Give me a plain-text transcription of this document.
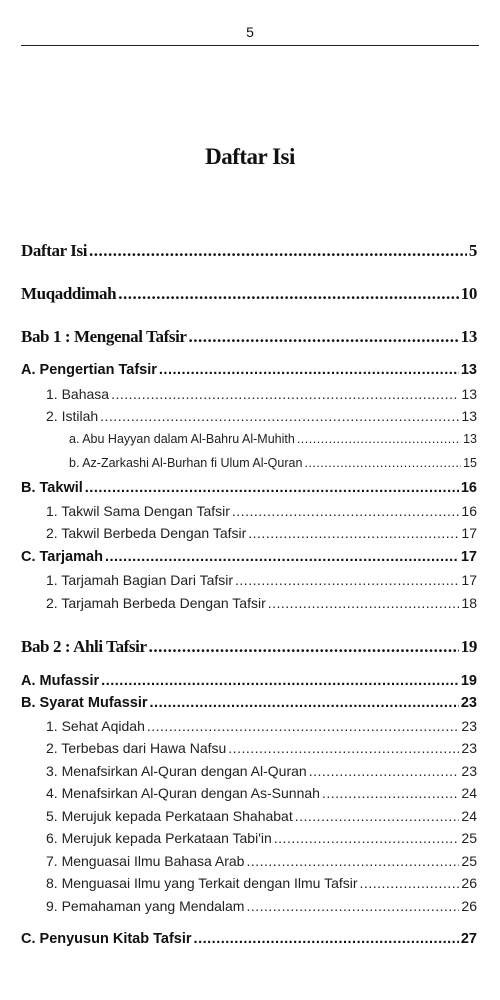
5
Daftar Isi
Daftar Isi .....	5
Muqaddimah .....	10
Bab 1 : Mengenal Tafsir .....	13
A. Pengertian Tafsir .....	13
1. Bahasa .....	13
2. Istilah .....	13
a. Abu Hayyan dalam Al-Bahru Al-Muhith .....	13
b. Az-Zarkashi Al-Burhan fi Ulum Al-Quran .....	15
B. Takwil .....	16
1. Takwil Sama Dengan Tafsir .....	16
2. Takwil Berbeda Dengan Tafsir .....	17
C. Tarjamah .....	17
1. Tarjamah Bagian Dari Tafsir .....	17
2. Tarjamah Berbeda Dengan Tafsir .....	18
Bab 2 : Ahli Tafsir .....	19
A. Mufassir .....	19
B. Syarat Mufassir .....	23
1. Sehat Aqidah .....	23
2. Terbebas dari Hawa Nafsu .....	23
3. Menafsirkan Al-Quran dengan Al-Quran .....	23
4. Menafsirkan Al-Quran dengan As-Sunnah .....	24
5. Merujuk kepada Perkataan Shahabat .....	24
6. Merujuk kepada Perkataan Tabi'in .....	25
7. Menguasai Ilmu Bahasa Arab .....	25
8. Menguasai Ilmu yang Terkait dengan Ilmu Tafsir .....	26
9. Pemahaman yang Mendalam .....	26
C. Penyusun Kitab Tafsir .....	27
